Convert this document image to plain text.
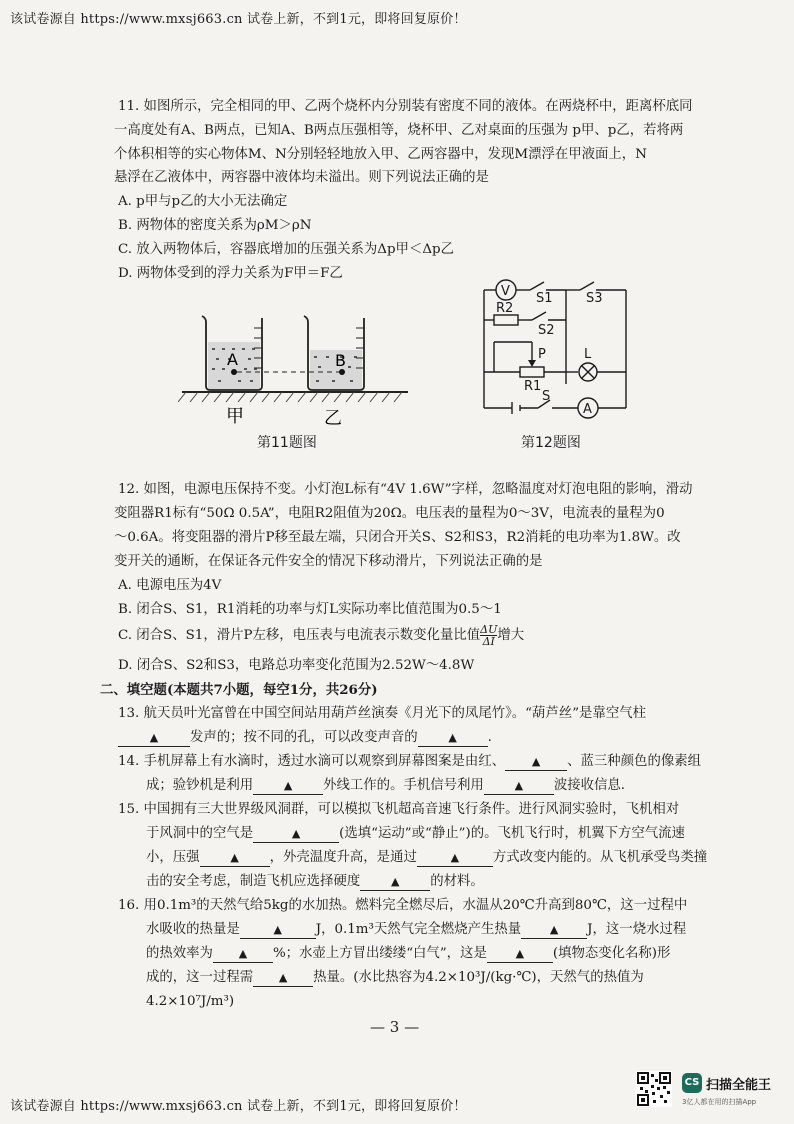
该试卷源自 https://www.mxsj663.cn 试卷上新，不到1元，即将回复原价！
该试卷源自 https://www.mxsj663.cn 试卷上新，不到1元，即将回复原价！
11. 如图所示，完全相同的甲、乙两个烧杯内分别装有密度不同的液体。在两烧杯中，距离杯底同
一高度处有A、B两点，已知A、B两点压强相等，烧杯甲、乙对桌面的压强为 p甲、p乙，若将两
个体积相等的实心物体M、N分别轻轻地放入甲、乙两容器中，发现M漂浮在甲液面上，N
悬浮在乙液体中，两容器中液体均未溢出。则下列说法正确的是
A. p甲与p乙的大小无法确定
B. 两物体的密度关系为ρM＞ρN
C. 放入两物体后，容器底增加的压强关系为Δp甲＜Δp乙
D. 两物体受到的浮力关系为F甲＝F乙
A	B
甲	乙
第11题图
V
A
S1
S2
S3
S
R1
R2
P	L
第12题图
12. 如图，电源电压保持不变。小灯泡L标有“4V 1.6W”字样，忽略温度对灯泡电阻的影响，滑动
变阻器R1标有“50Ω 0.5A”，电阻R2阻值为20Ω。电压表的量程为0～3V，电流表的量程为0
～0.6A。将变阻器的滑片P移至最左端，只闭合开关S、S2和S3，R2消耗的电功率为1.8W。改
变开关的通断，在保证各元件安全的情况下移动滑片，下列说法正确的是
A. 电源电压为4V
B. 闭合S、S1，R1消耗的功率与灯L实际功率比值范围为0.5～1
C. 闭合S、S1，滑片P左移，电压表与电流表示数变化量比值 $\frac{\Delta U}{\Delta I}$ 增大
D. 闭合S、S2和S3，电路总功率变化范围为2.52W～4.8W
二、填空题(本题共7小题，每空1分，共26分)
13. 航天员叶光富曾在中国空间站用葫芦丝演奏《月光下的凤尾竹》。“葫芦丝”是靠空气柱
▲ 发声的；按不同的孔，可以改变声音的	▲ .
14. 手机屏幕上有水滴时，透过水滴可以观察到屏幕图案是由红、 ▲ 、蓝三种颜色的像素组
成；验钞机是利用	▲ 外线工作的。手机信号利用	▲ 波接收信息.
15. 中国拥有三大世界级风洞群，可以模拟飞机超高音速飞行条件。进行风洞实验时，飞机相对
于风洞中的空气是	▲	(选填“运动”或“静止”)的。飞机飞行时，机翼下方空气流速
小，压强	▲ ，外壳温度升高，是通过	▲	方式改变内能的。从飞机承受鸟类撞
击的安全考虑，制造飞机应选择硬度	▲ 的材料。
16. 用0.1m³的天然气给5kg的水加热。燃料完全燃尽后，水温从20℃升高到80℃，这一过程中
水吸收的热量是	▲	J，0.1m³天然气完全燃烧产生热量	▲ J，这一烧水过程
的热效率为 ▲ %；水壶上方冒出缕缕“白气”，这是	▲ (填物态变化名称)形
成的，这一过程需 ▲ 热量。(水比热容为4.2×10³J/(kg·℃)，天然气的热值为
4.2×10⁷J/m³)
— 3 —
CS 扫描全能王
3亿人都在用的扫描App
